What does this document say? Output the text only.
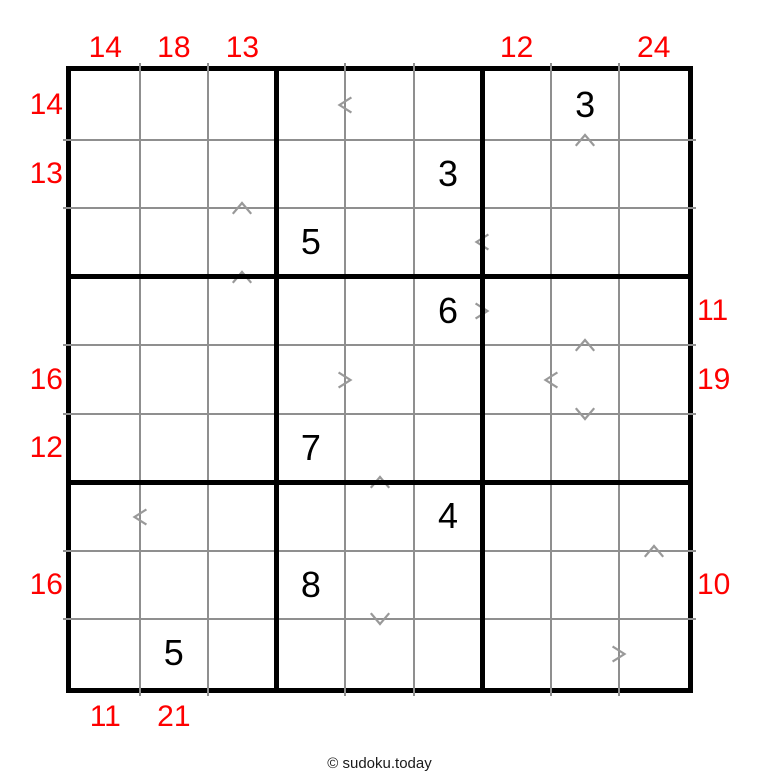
3
3
5
6
7
4
8
5
14 18 13	12	24
11 21
14
13
16
12
16
11
19
10
© sudoku.today
